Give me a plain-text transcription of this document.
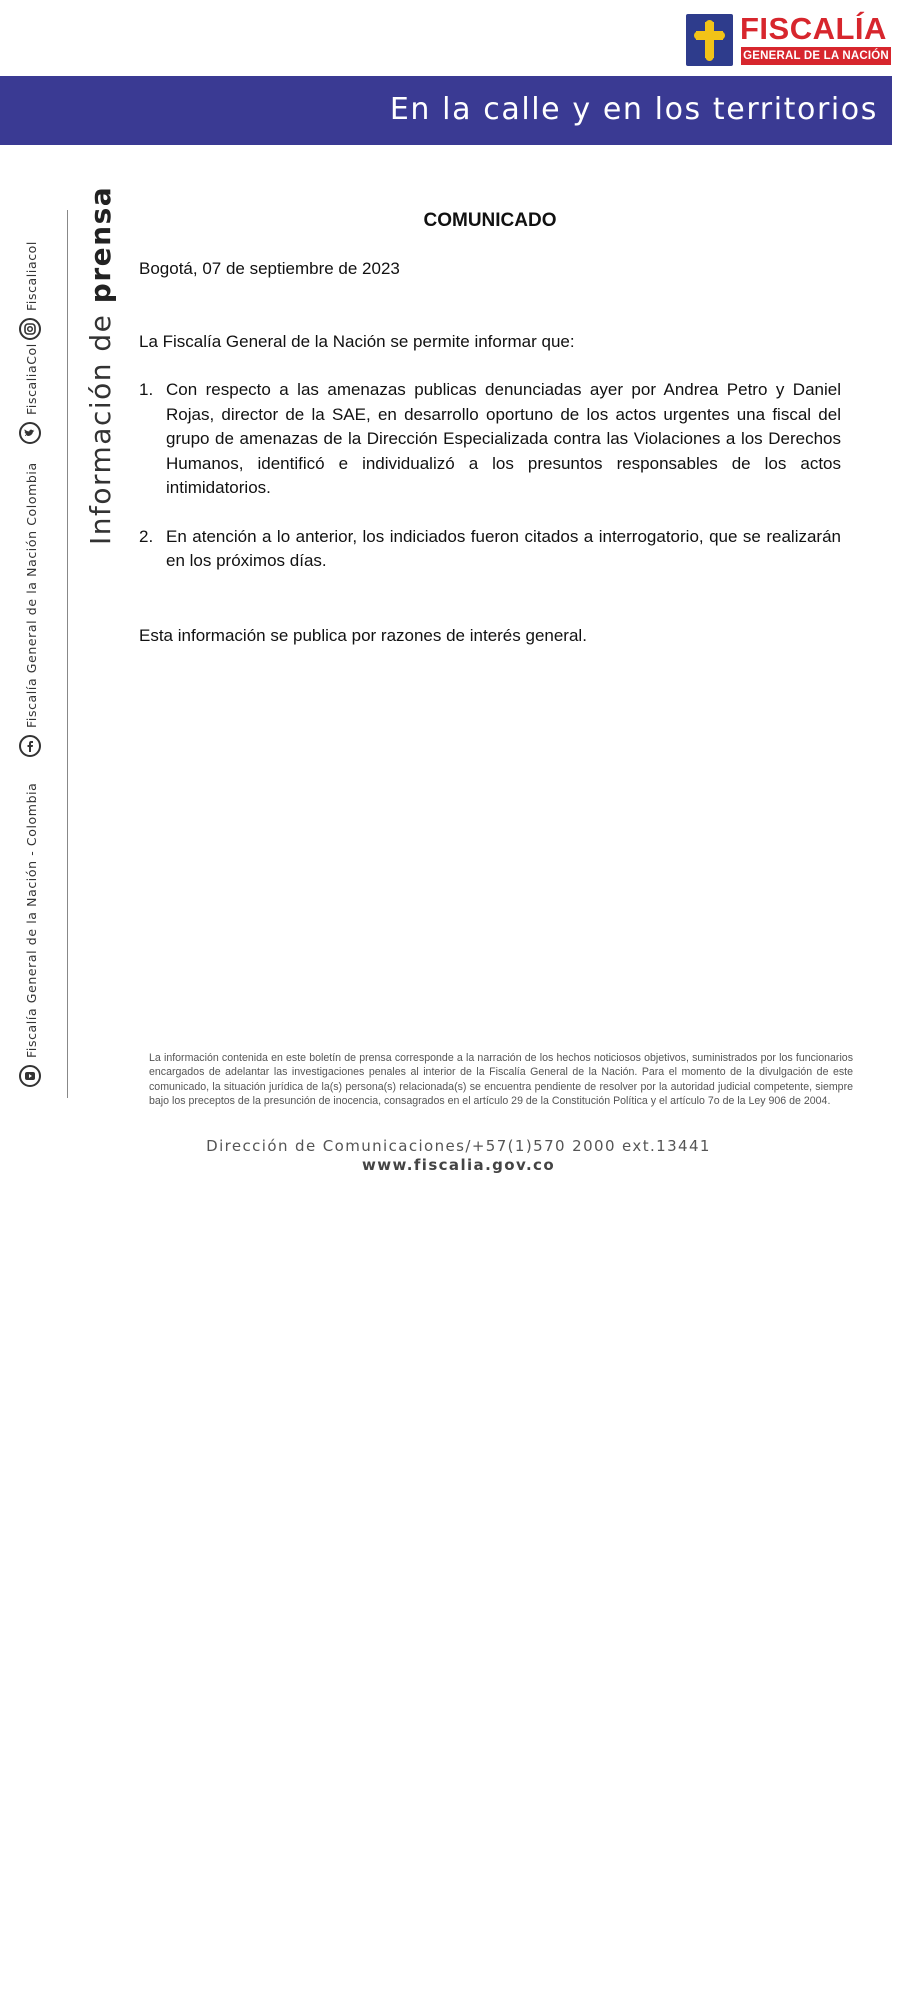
FISCALÍA
GENERAL DE LA NACIÓN
En la calle y en los territorios
Información de prensa
Fiscalía General de la Nación - Colombia
Fiscalía General de la Nación Colombia
FiscaliaCol
Fiscaliacol
COMUNICADO
Bogotá, 07 de septiembre de 2023
La Fiscalía General de la Nación se permite informar que:
1. Con respecto a las amenazas publicas denunciadas ayer por Andrea Petro y Daniel Rojas, director de la SAE, en desarrollo oportuno de los actos urgentes una fiscal del grupo de amenazas de la Dirección Especializada contra las Violaciones a los Derechos Humanos, identificó e individualizó a los presuntos responsables de los actos intimidatorios.
2. En atención a lo anterior, los indiciados fueron citados a interrogatorio, que se realizarán en los próximos días.
Esta información se publica por razones de interés general.
La información contenida en este boletín de prensa corresponde a la narración de los hechos noticiosos objetivos, suministrados por los funcionarios encargados de adelantar las investigaciones penales al interior de la Fiscalía General de la Nación. Para el momento de la divulgación de este comunicado, la situación jurídica de la(s) persona(s) relacionada(s) se encuentra pendiente de resolver por la autoridad judicial competente, siempre bajo los preceptos de la presunción de inocencia, consagrados en el artículo 29 de la Constitución Política y el artículo 7o de la Ley 906 de 2004.
Dirección de Comunicaciones/+57(1)570 2000 ext.13441
www.fiscalia.gov.co
